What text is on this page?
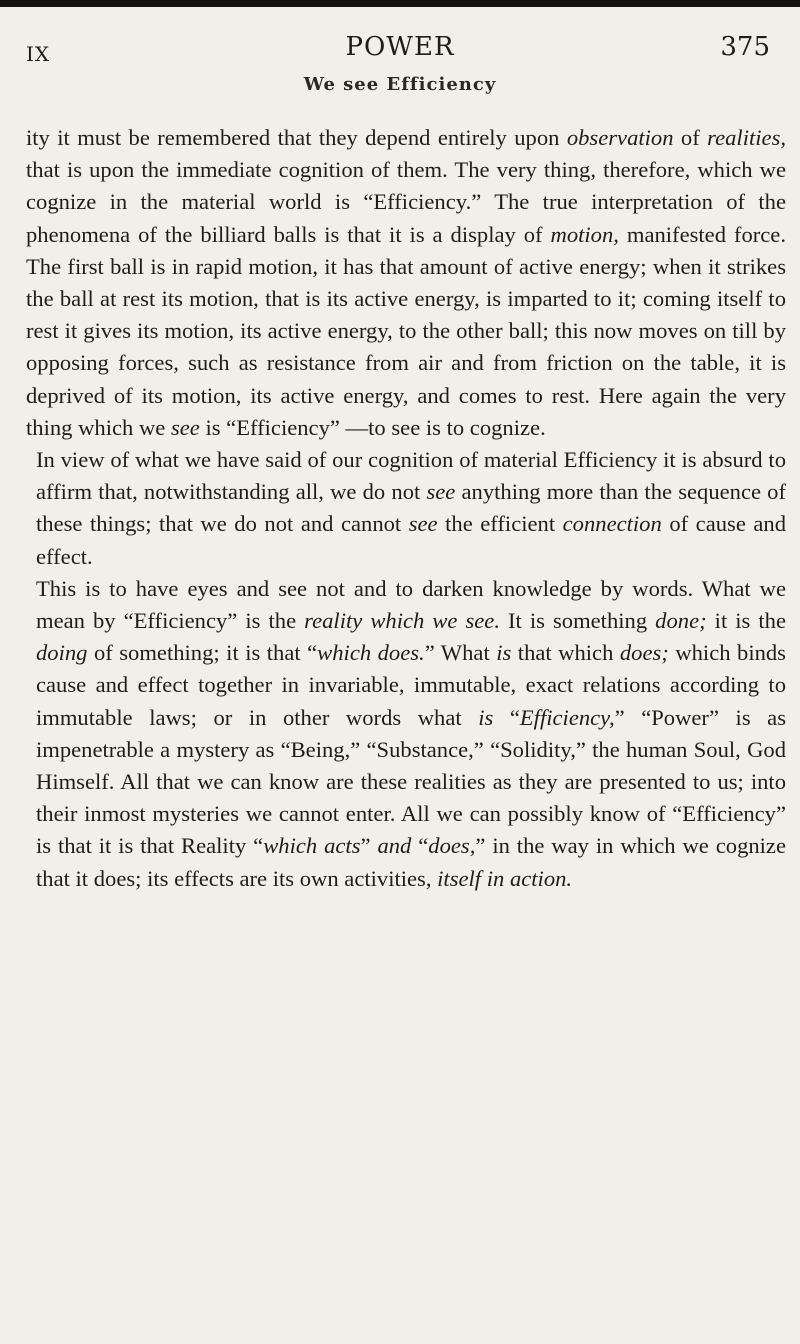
IX	POWER	375
We see Efficiency

ity it must be remembered that they depend entirely upon observation of realities, that is upon the immediate cognition of them. The very thing, therefore, which we cognize in the material world is “Efficiency.” The true interpretation of the phenomena of the billiard balls is that it is a display of motion, manifested force. The first ball is in rapid motion, it has that amount of active energy; when it strikes the ball at rest its motion, that is its active energy, is imparted to it; coming itself to rest it gives its motion, its active energy, to the other ball; this now moves on till by opposing forces, such as resistance from air and from friction on the table, it is deprived of its motion, its active energy, and comes to rest. Here again the very thing which we see is “Efficiency” —to see is to cognize.

In view of what we have said of our cognition of material Efficiency it is absurd to affirm that, notwithstanding all, we do not see anything more than the sequence of these things; that we do not and cannot see the efficient connection of cause and effect.

This is to have eyes and see not and to darken knowledge by words. What we mean by “Efficiency” is the reality which we see. It is something done; it is the doing of something; it is that “which does.” What is that which does; which binds cause and effect together in invariable, immutable, exact relations according to immutable laws; or in other words what is “Efficiency,” “Power” is as impenetrable a mystery as “Being,” “Substance,” “Solidity,” the human Soul, God Himself. All that we can know are these realities as they are presented to us; into their inmost mysteries we cannot enter. All we can possibly know of “Efficiency” is that it is that Reality “which acts” and “does,” in the way in which we cognize that it does; its effects are its own activities, itself in action.
